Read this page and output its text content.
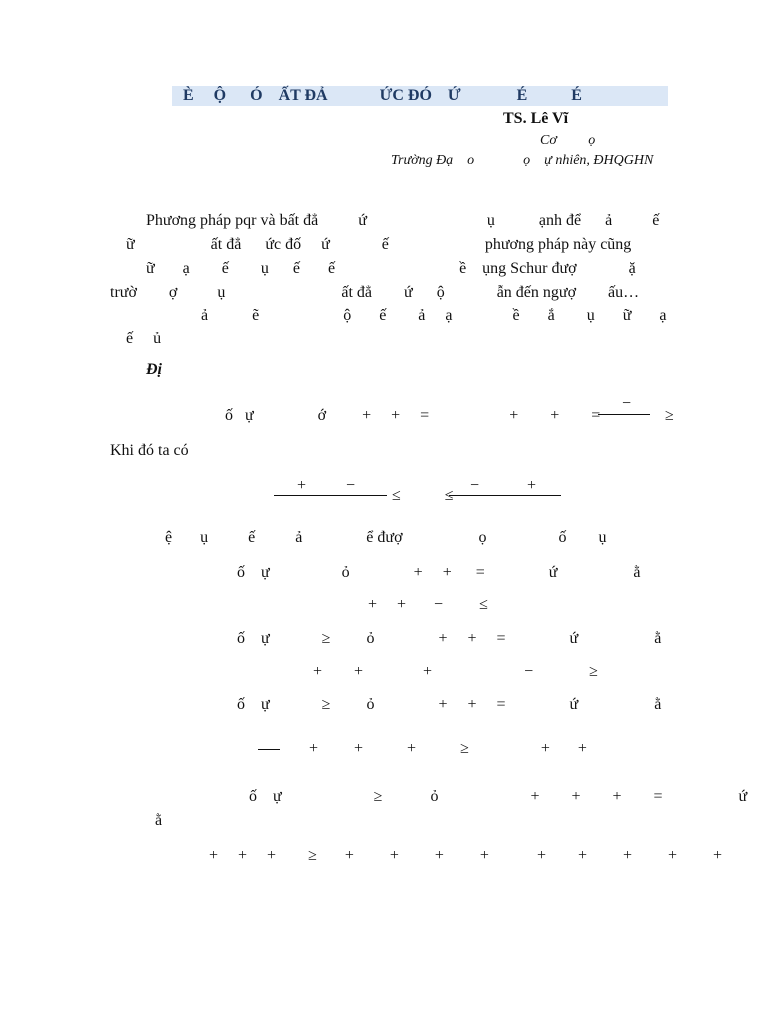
È     Ộ      Ó    ẤT ĐẢ             ỨC ĐÓ    Ứ              É           É
TS. Lê Vĩ
Cơ         ọ
Trường Đạ    o              ọ    ự nhiên, ĐHQGHN
Phương pháp pqr và bất đẳ          ứ                              ụ           ạnh để      ả          ế
ữ                   ất đẳ      ức đố     ứ             ế                        phương pháp này cũng
ữ       ạ        ế        ụ      ế       ế                               ề    ụng Schur đượ             ặ
trườ        ợ          ụ                             ất đẳ        ứ      ộ             ẫn đến ngượ        ấu…
ả           ẽ                     ộ       ế        ả     ạ               ề       ắ        ụ       ữ       ạ
ế     ủ
Đị
ố   ự                ớ         +     +     =                    +        +        =
−
≥
Khi đó ta có
+          −
≤           ≤
−            +
ệ       ụ          ế          ả                ể đượ                   ọ                  ố        ụ
ố    ự                  ỏ                +     +      =                ứ                   ằ
+     +       −         ≤
ố    ự             ≥         ỏ                +     +     =                ứ                   ằ
+        +               +                       −              ≥
ố    ự             ≥         ỏ                +     +     =                ứ                   ằ
+         +           +           ≥                  +       +
ố    ự                       ≥            ỏ                       +        +        +        =                   ứ
ằ
+     +     +        ≥       +         +         +         +            +        +         +         +         +
